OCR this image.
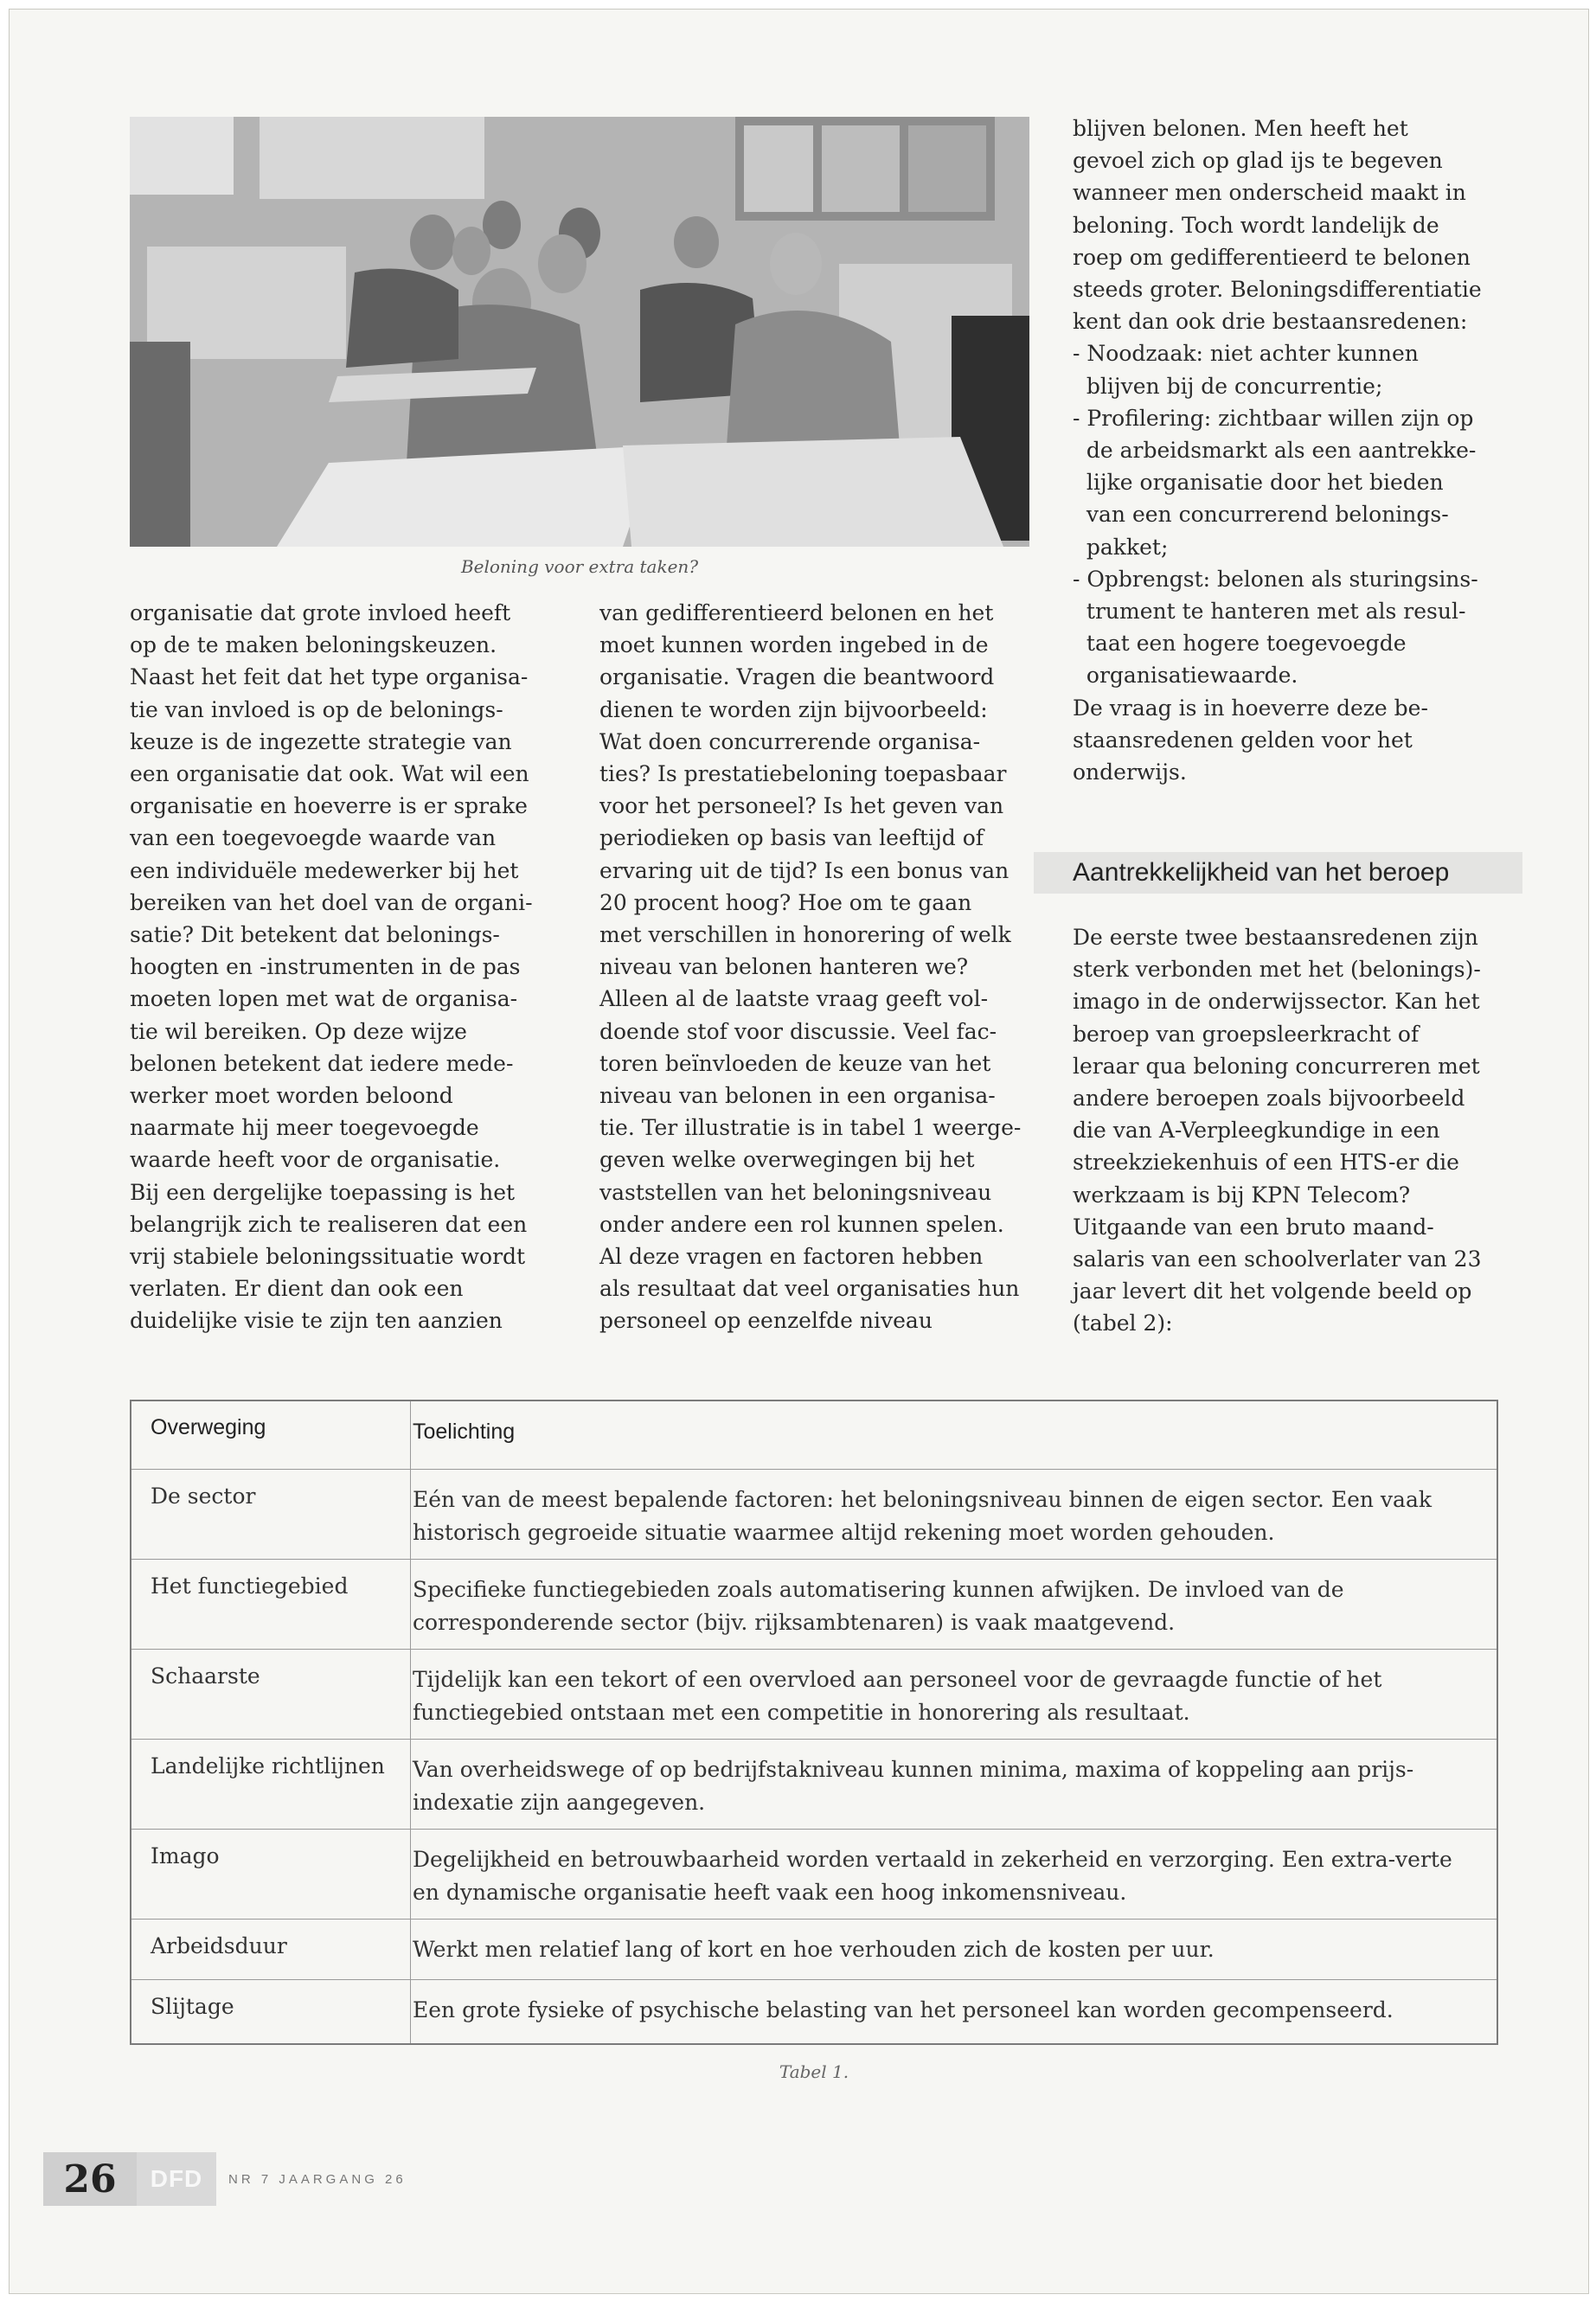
Beloning voor extra taken?
organisatie dat grote invloed heeft
op de te maken beloningskeuzen.
Naast het feit dat het type organisa-
tie van invloed is op de belonings-
keuze is de ingezette strategie van
een organisatie dat ook. Wat wil een
organisatie en hoeverre is er sprake
van een toegevoegde waarde van
een individuële medewerker bij het
bereiken van het doel van de organi-
satie? Dit betekent dat belonings-
hoogten en -instrumenten in de pas
moeten lopen met wat de organisa-
tie wil bereiken. Op deze wijze
belonen betekent dat iedere mede-
werker moet worden beloond
naarmate hij meer toegevoegde
waarde heeft voor de organisatie.
Bij een dergelijke toepassing is het
belangrijk zich te realiseren dat een
vrij stabiele beloningssituatie wordt
verlaten. Er dient dan ook een
duidelijke visie te zijn ten aanzien
van gedifferentieerd belonen en het
moet kunnen worden ingebed in de
organisatie. Vragen die beantwoord
dienen te worden zijn bijvoorbeeld:
Wat doen concurrerende organisa-
ties? Is prestatiebeloning toepasbaar
voor het personeel? Is het geven van
periodieken op basis van leeftijd of
ervaring uit de tijd? Is een bonus van
20 procent hoog? Hoe om te gaan
met verschillen in honorering of welk
niveau van belonen hanteren we?
Alleen al de laatste vraag geeft vol-
doende stof voor discussie. Veel fac-
toren beïnvloeden de keuze van het
niveau van belonen in een organisa-
tie. Ter illustratie is in tabel 1 weerge-
geven welke overwegingen bij het
vaststellen van het beloningsniveau
onder andere een rol kunnen spelen.
Al deze vragen en factoren hebben
als resultaat dat veel organisaties hun
personeel op eenzelfde niveau
blijven belonen. Men heeft het
gevoel zich op glad ijs te begeven
wanneer men onderscheid maakt in
beloning. Toch wordt landelijk de
roep om gedifferentieerd te belonen
steeds groter. Beloningsdifferentiatie
kent dan ook drie bestaansredenen:
- Noodzaak: niet achter kunnen
blijven bij de concurrentie;
- Profilering: zichtbaar willen zijn op
de arbeidsmarkt als een aantrekke-
lijke organisatie door het bieden
van een concurrerend belonings-
pakket;
- Opbrengst: belonen als sturingsins-
trument te hanteren met als resul-
taat een hogere toegevoegde
organisatiewaarde.
De vraag is in hoeverre deze be-
staansredenen gelden voor het
onderwijs.
Aantrekkelijkheid van het beroep
De eerste twee bestaansredenen zijn
sterk verbonden met het (belonings)-
imago in de onderwijssector. Kan het
beroep van groepsleerkracht of
leraar qua beloning concurreren met
andere beroepen zoals bijvoorbeeld
die van A-Verpleegkundige in een
streekziekenhuis of een HTS-er die
werkzaam is bij KPN Telecom?
Uitgaande van een bruto maand-
salaris van een schoolverlater van 23
jaar levert dit het volgende beeld op
(tabel 2):
Overweging	Toelichting
De sector	Eén van de meest bepalende factoren: het beloningsniveau binnen de eigen sector. Een vaak historisch gegroeide situatie waarmee altijd rekening moet worden gehouden.
Het functiegebied	Specifieke functiegebieden zoals automatisering kunnen afwijken. De invloed van de corresponderende sector (bijv. rijksambtenaren) is vaak maatgevend.
Schaarste	Tijdelijk kan een tekort of een overvloed aan personeel voor de gevraagde functie of het functiegebied ontstaan met een competitie in honorering als resultaat.
Landelijke richtlijnen	Van overheidswege of op bedrijfstakniveau kunnen minima, maxima of koppeling aan prijs-indexatie zijn aangegeven.
Imago	Degelijkheid en betrouwbaarheid worden vertaald in zekerheid en verzorging. Een extra-verte en dynamische organisatie heeft vaak een hoog inkomensniveau.
Arbeidsduur	Werkt men relatief lang of kort en hoe verhouden zich de kosten per uur.
Slijtage	Een grote fysieke of psychische belasting van het personeel kan worden gecompenseerd.
Tabel 1.
26	DFD	NR 7 JAARGANG 26
